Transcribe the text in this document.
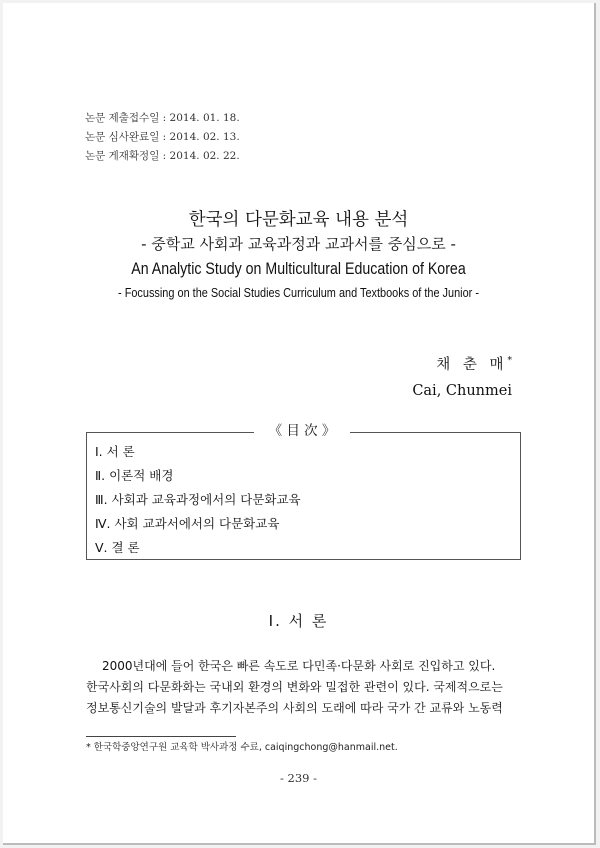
논문 제출접수일 : 2014. 01. 18.
논문 심사완료일 : 2014. 02. 13.
논문 게재확정일 : 2014. 02. 22.
한국의 다문화교육 내용 분석
- 중학교 사회과 교육과정과 교과서를 중심으로 -
An Analytic Study on Multicultural Education of Korea
- Focussing on the Social Studies Curriculum and Textbooks of the Junior -
채 춘 매*
Cai, Chunmei
《 目 次 》
Ⅰ. 서 론
Ⅱ. 이론적 배경
Ⅲ. 사회과 교육과정에서의 다문화교육
Ⅳ. 사회 교과서에서의 다문화교육
Ⅴ. 결 론
Ⅰ. 서 론
2000년대에 들어 한국은 빠른 속도로 다민족·다문화 사회로 진입하고 있다.
한국사회의 다문화화는 국내외 환경의 변화와 밀접한 관련이 있다. 국제적으로는
정보통신기술의 발달과 후기자본주의 사회의 도래에 따라 국가 간 교류와 노동력
* 한국학중앙연구원 교육학 박사과정 수료, caiqingchong@hanmail.net.
- 239 -
